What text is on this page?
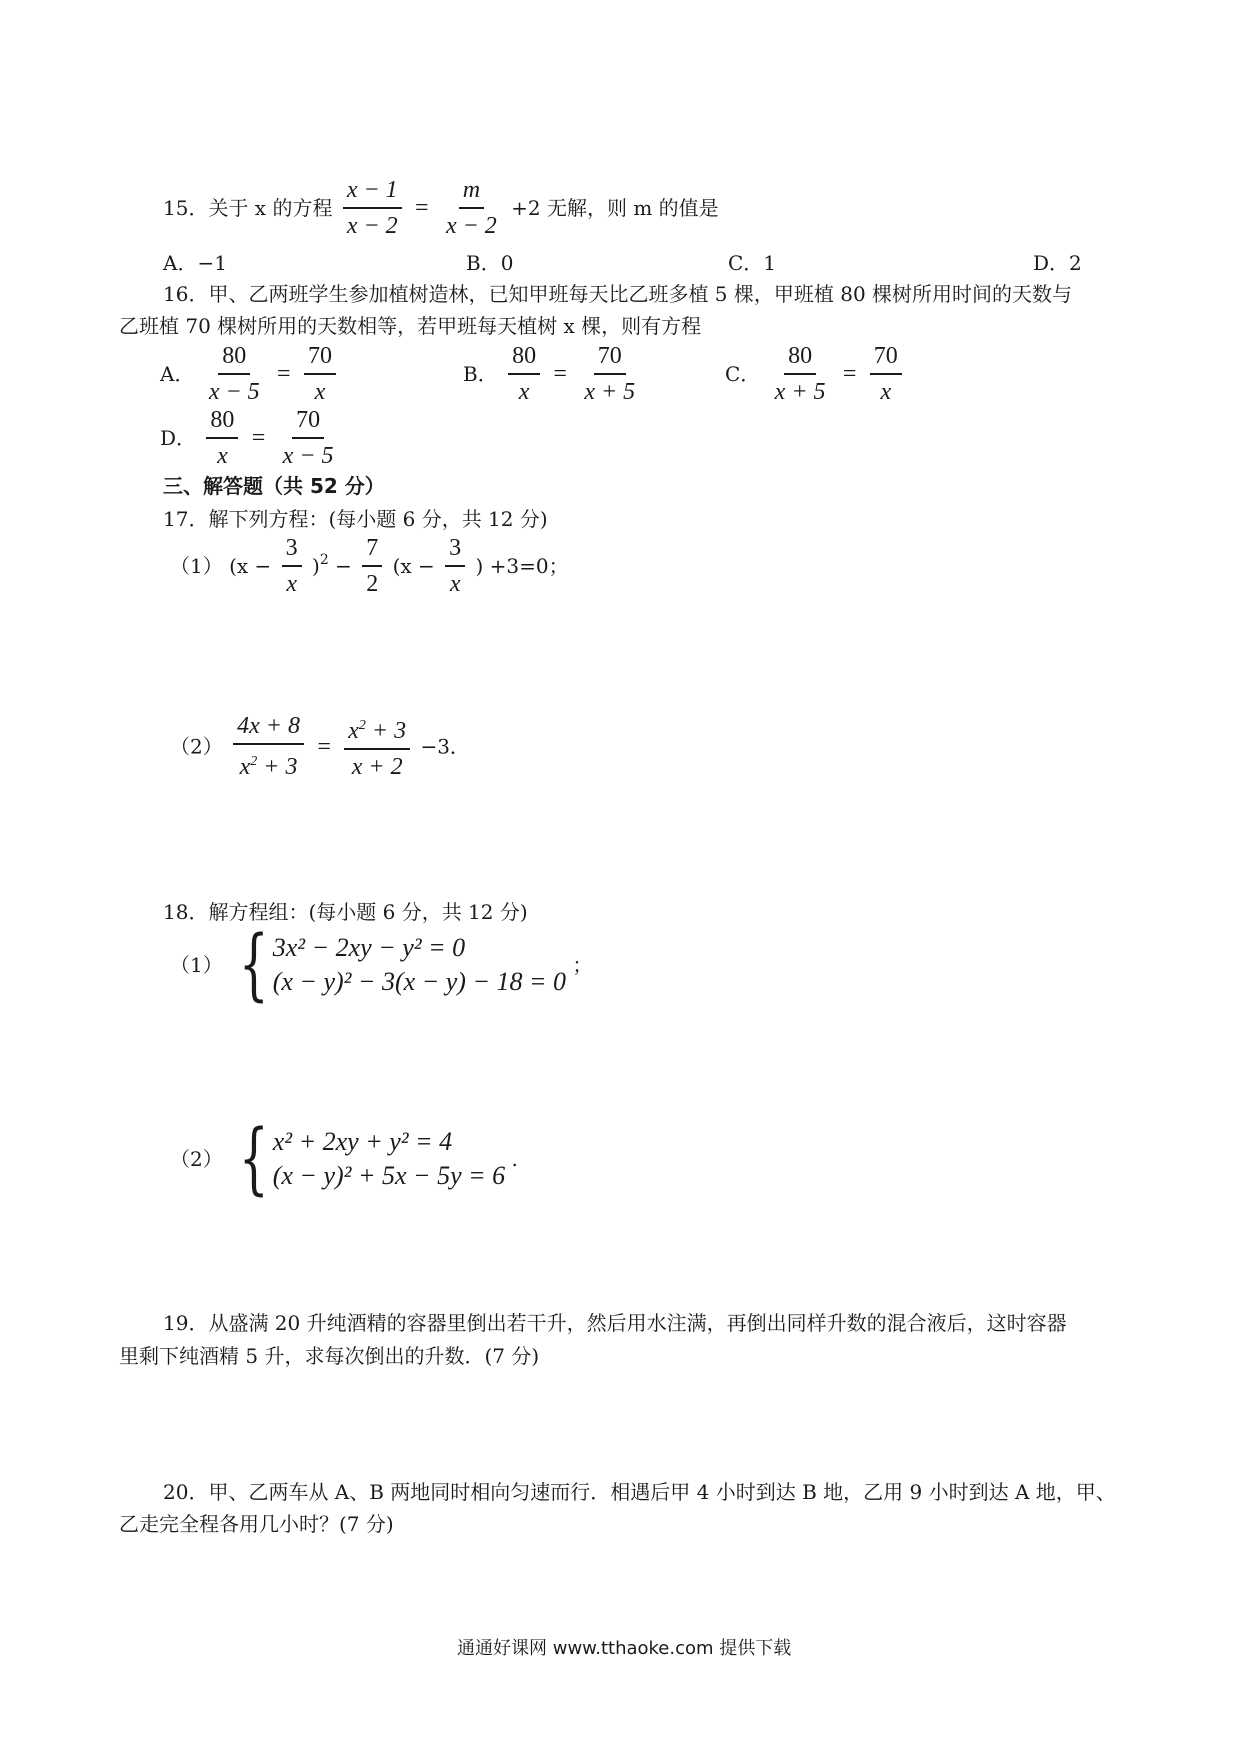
15．关于 x 的方程 $\frac{x - 1}{x - 2} = \frac{m}{x - 2} +2$ 无解，则 m 的值是
A．−1	B．0	C．1	D．2
16．甲、乙两班学生参加植树造林，已知甲班每天比乙班多植 5 棵，甲班植 80 棵树所用时间的天数与
乙班植 70 棵树所用的天数相等，若甲班每天植树 x 棵，则有方程
A． $\frac{80}{x - 5} = \frac{70}{x}$	B． $\frac{80}{x} = \frac{70}{x + 5}$	C． $\frac{80}{x + 5} = \frac{70}{x}$
D． $\frac{80}{x} = \frac{70}{x - 5}$
三、解答题（共 52 分）
17．解下列方程：(每小题 6 分，共 12 分)
（1） $(x - \frac{3}{x} )^2 - \frac{7}{2} (x - \frac{3}{x}$ ) +3=0；
$(2) \frac{4x + 8}{x^2 + 3} = \frac{x^2 + 3}{x + 2} -3$．
18．解方程组：(每小题 6 分，共 12 分)
（1） { 3x² − 2xy − y² = 0
(x − y)² − 3(x − y) − 18 = 0
；
（2） { x² + 2xy + y² = 4
(x − y)² + 5x − 5y = 6
.
19．从盛满 20 升纯酒精的容器里倒出若干升，然后用水注满，再倒出同样升数的混合液后，这时容器
里剩下纯酒精 5 升，求每次倒出的升数．(7 分)
20．甲、乙两车从 A、B 两地同时相向匀速而行．相遇后甲 4 小时到达 B 地，乙用 9 小时到达 A 地，甲、
乙走完全程各用几小时？(7 分)
通通好课网 www.tthaoke.com 提供下载
